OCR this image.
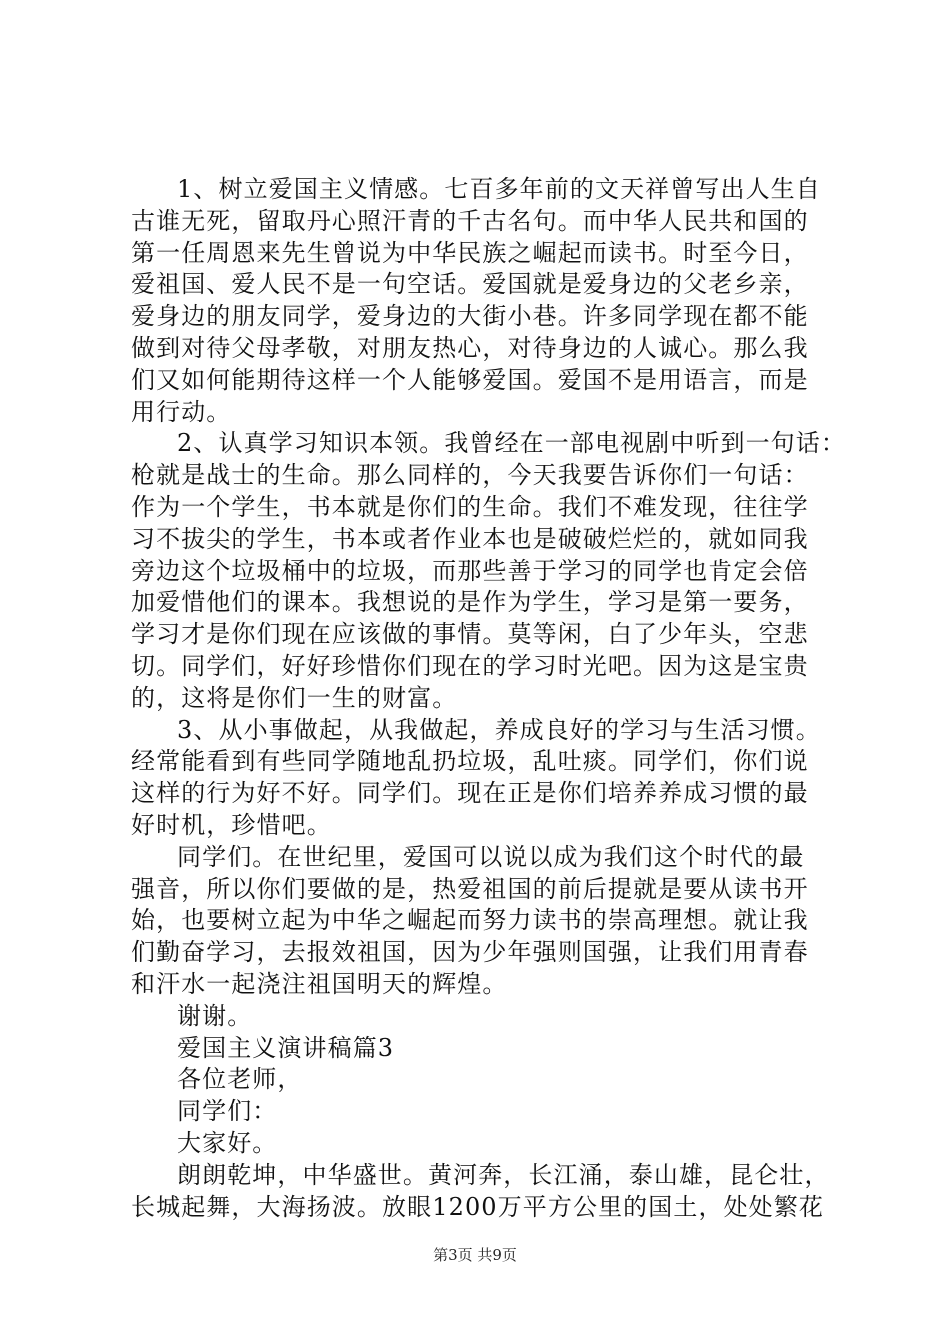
1、树立爱国主义情感。七百多年前的文天祥曾写出人生自
古谁无死，留取丹心照汗青的千古名句。而中华人民共和国的
第一任周恩来先生曾说为中华民族之崛起而读书。时至今日，
爱祖国、爱人民不是一句空话。爱国就是爱身边的父老乡亲，
爱身边的朋友同学，爱身边的大街小巷。许多同学现在都不能
做到对待父母孝敬，对朋友热心，对待身边的人诚心。那么我
们又如何能期待这样一个人能够爱国。爱国不是用语言，而是
用行动。
2、认真学习知识本领。我曾经在一部电视剧中听到一句话：
枪就是战士的生命。那么同样的，今天我要告诉你们一句话：
作为一个学生，书本就是你们的生命。我们不难发现，往往学
习不拔尖的学生，书本或者作业本也是破破烂烂的，就如同我
旁边这个垃圾桶中的垃圾，而那些善于学习的同学也肯定会倍
加爱惜他们的课本。我想说的是作为学生，学习是第一要务，
学习才是你们现在应该做的事情。莫等闲，白了少年头，空悲
切。同学们，好好珍惜你们现在的学习时光吧。因为这是宝贵
的，这将是你们一生的财富。
3、从小事做起，从我做起，养成良好的学习与生活习惯。
经常能看到有些同学随地乱扔垃圾，乱吐痰。同学们，你们说
这样的行为好不好。同学们。现在正是你们培养养成习惯的最
好时机，珍惜吧。
同学们。在世纪里，爱国可以说以成为我们这个时代的最
强音，所以你们要做的是，热爱祖国的前后提就是要从读书开
始，也要树立起为中华之崛起而努力读书的崇高理想。就让我
们勤奋学习，去报效祖国，因为少年强则国强，让我们用青春
和汗水一起浇注祖国明天的辉煌。
谢谢。
爱国主义演讲稿篇3
各位老师，
同学们：
大家好。
朗朗乾坤，中华盛世。黄河奔，长江涌，泰山雄，昆仑壮，
长城起舞，大海扬波。放眼1200万平方公里的国土，处处繁花
第3页 共9页
